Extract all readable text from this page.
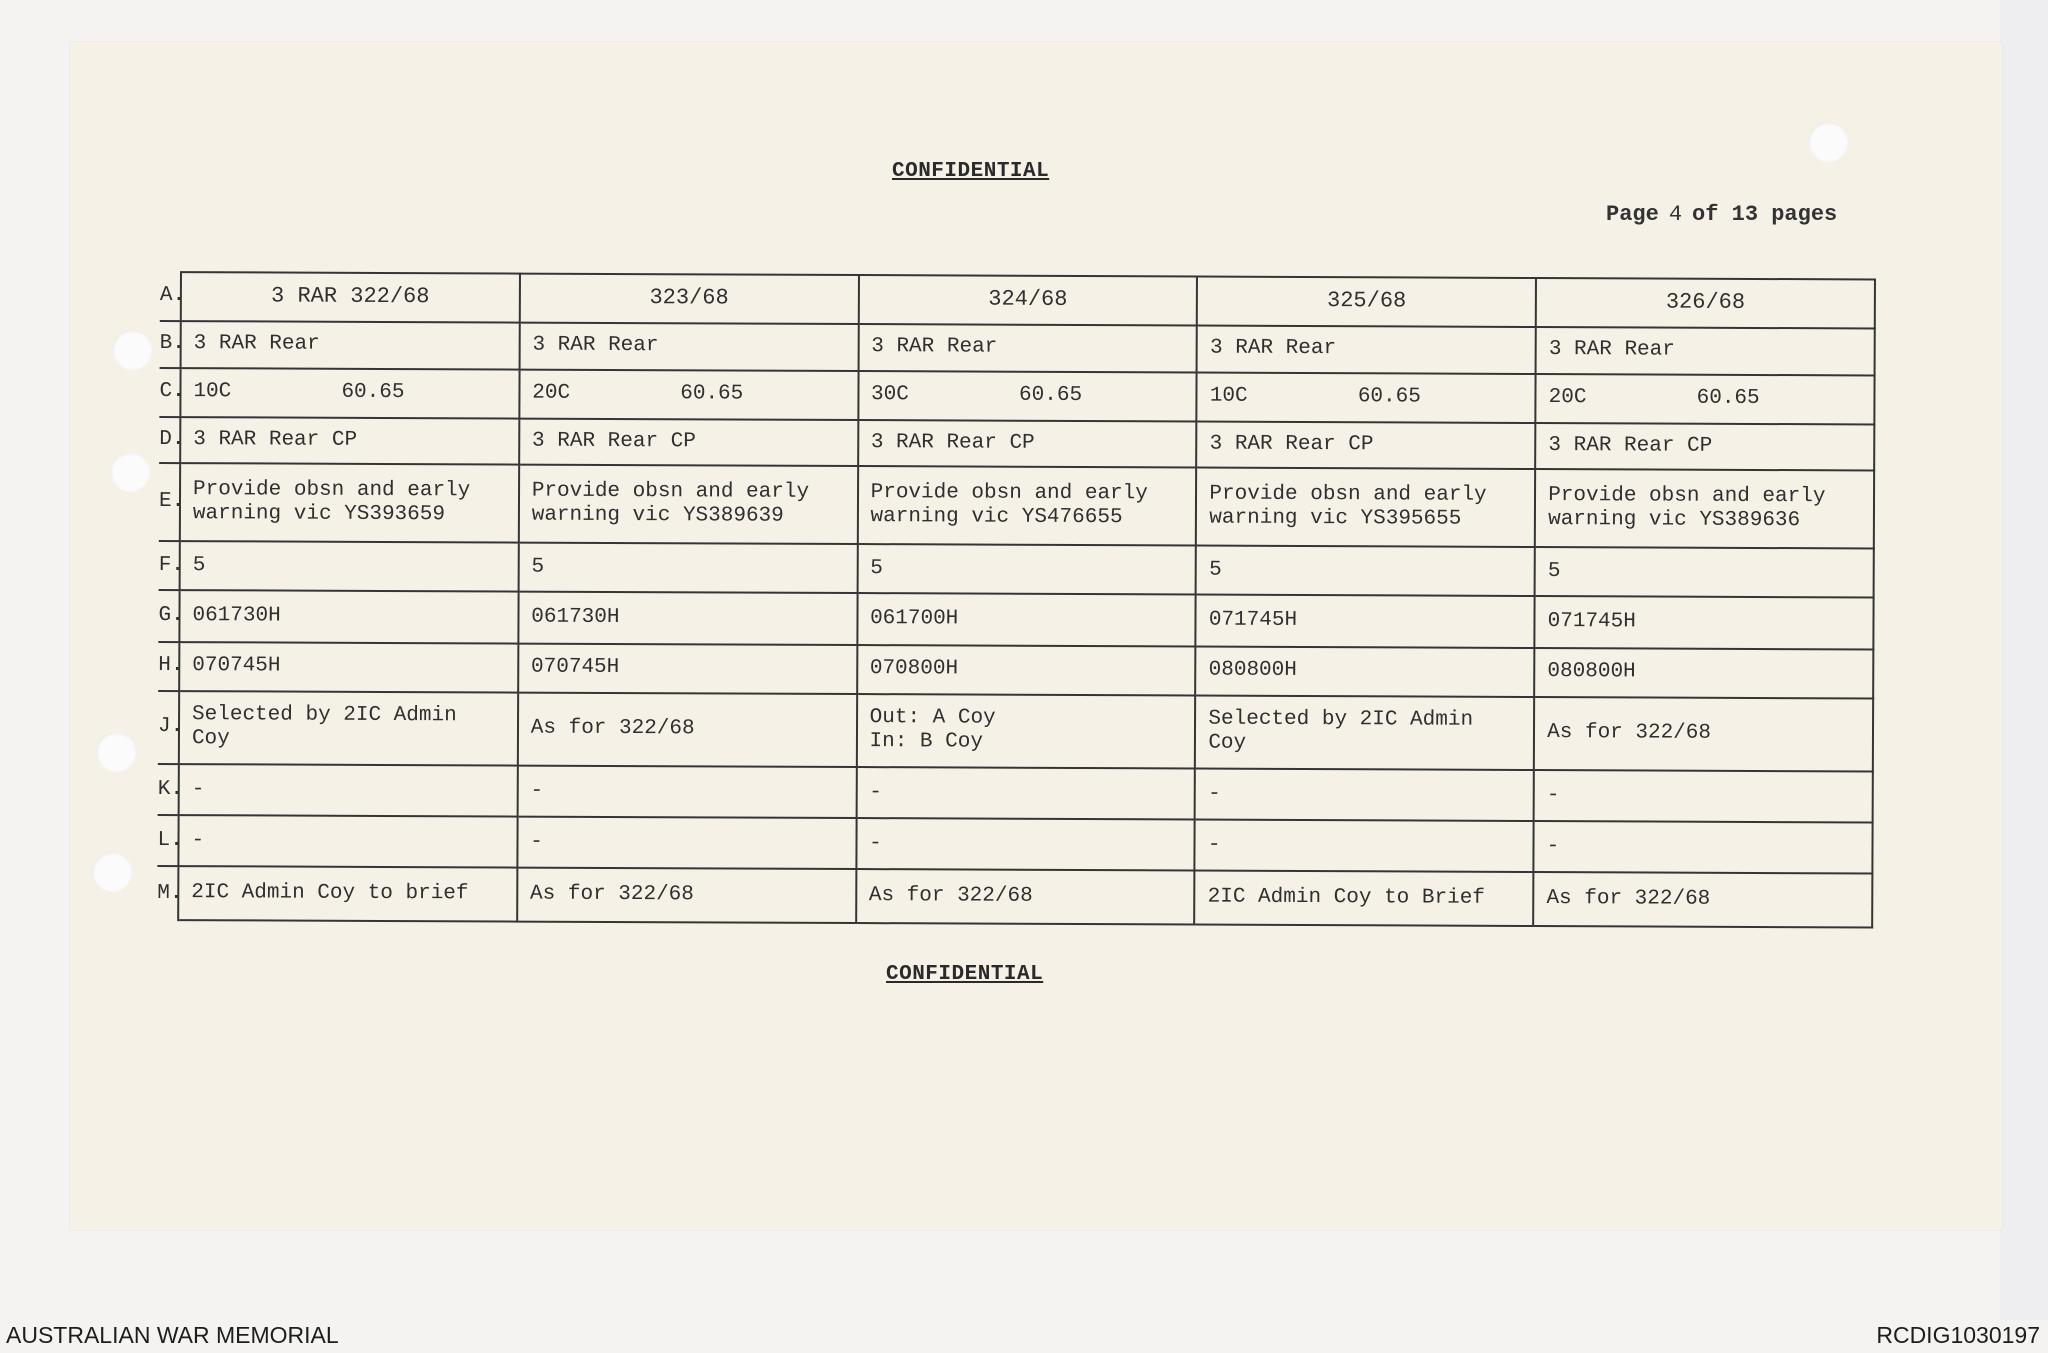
CONFIDENTIAL
Page 4 of 13 pages
A.	3 RAR 322/68	323/68	324/68	325/68	326/68

B.	3 RAR Rear	3 RAR Rear	3 RAR Rear	3 RAR Rear	3 RAR Rear

C.	10C 60.65	20C 60.65	30C 60.65	10C 60.65	20C 60.65
D.	3 RAR Rear CP	3 RAR Rear CP	3 RAR Rear CP	3 RAR Rear CP	3 RAR Rear CP

E.	Provide obsn and early
warning vic YS393659	Provide obsn and early
warning vic YS389639	Provide obsn and early
warning vic YS476655	Provide obsn and early
warning vic YS395655	Provide obsn and early
warning vic YS389636

F.	5	5	5	5	5

G.	061730H	061730H	061700H	071745H	071745H

H.	070745H	070745H	070800H	080800H	080800H

J.	Selected by 2IC Admin
Coy	As for 322/68	Out: A Coy
In: B Coy	Selected by 2IC Admin
Coy	As for 322/68

K.	-	-	-	-	-

L.	-	-	-	-	-

M.	2IC Admin Coy to brief	As for 322/68	As for 322/68	2IC Admin Coy to Brief	As for 322/68
CONFIDENTIAL
AUSTRALIAN WAR MEMORIAL	RCDIG1030197
